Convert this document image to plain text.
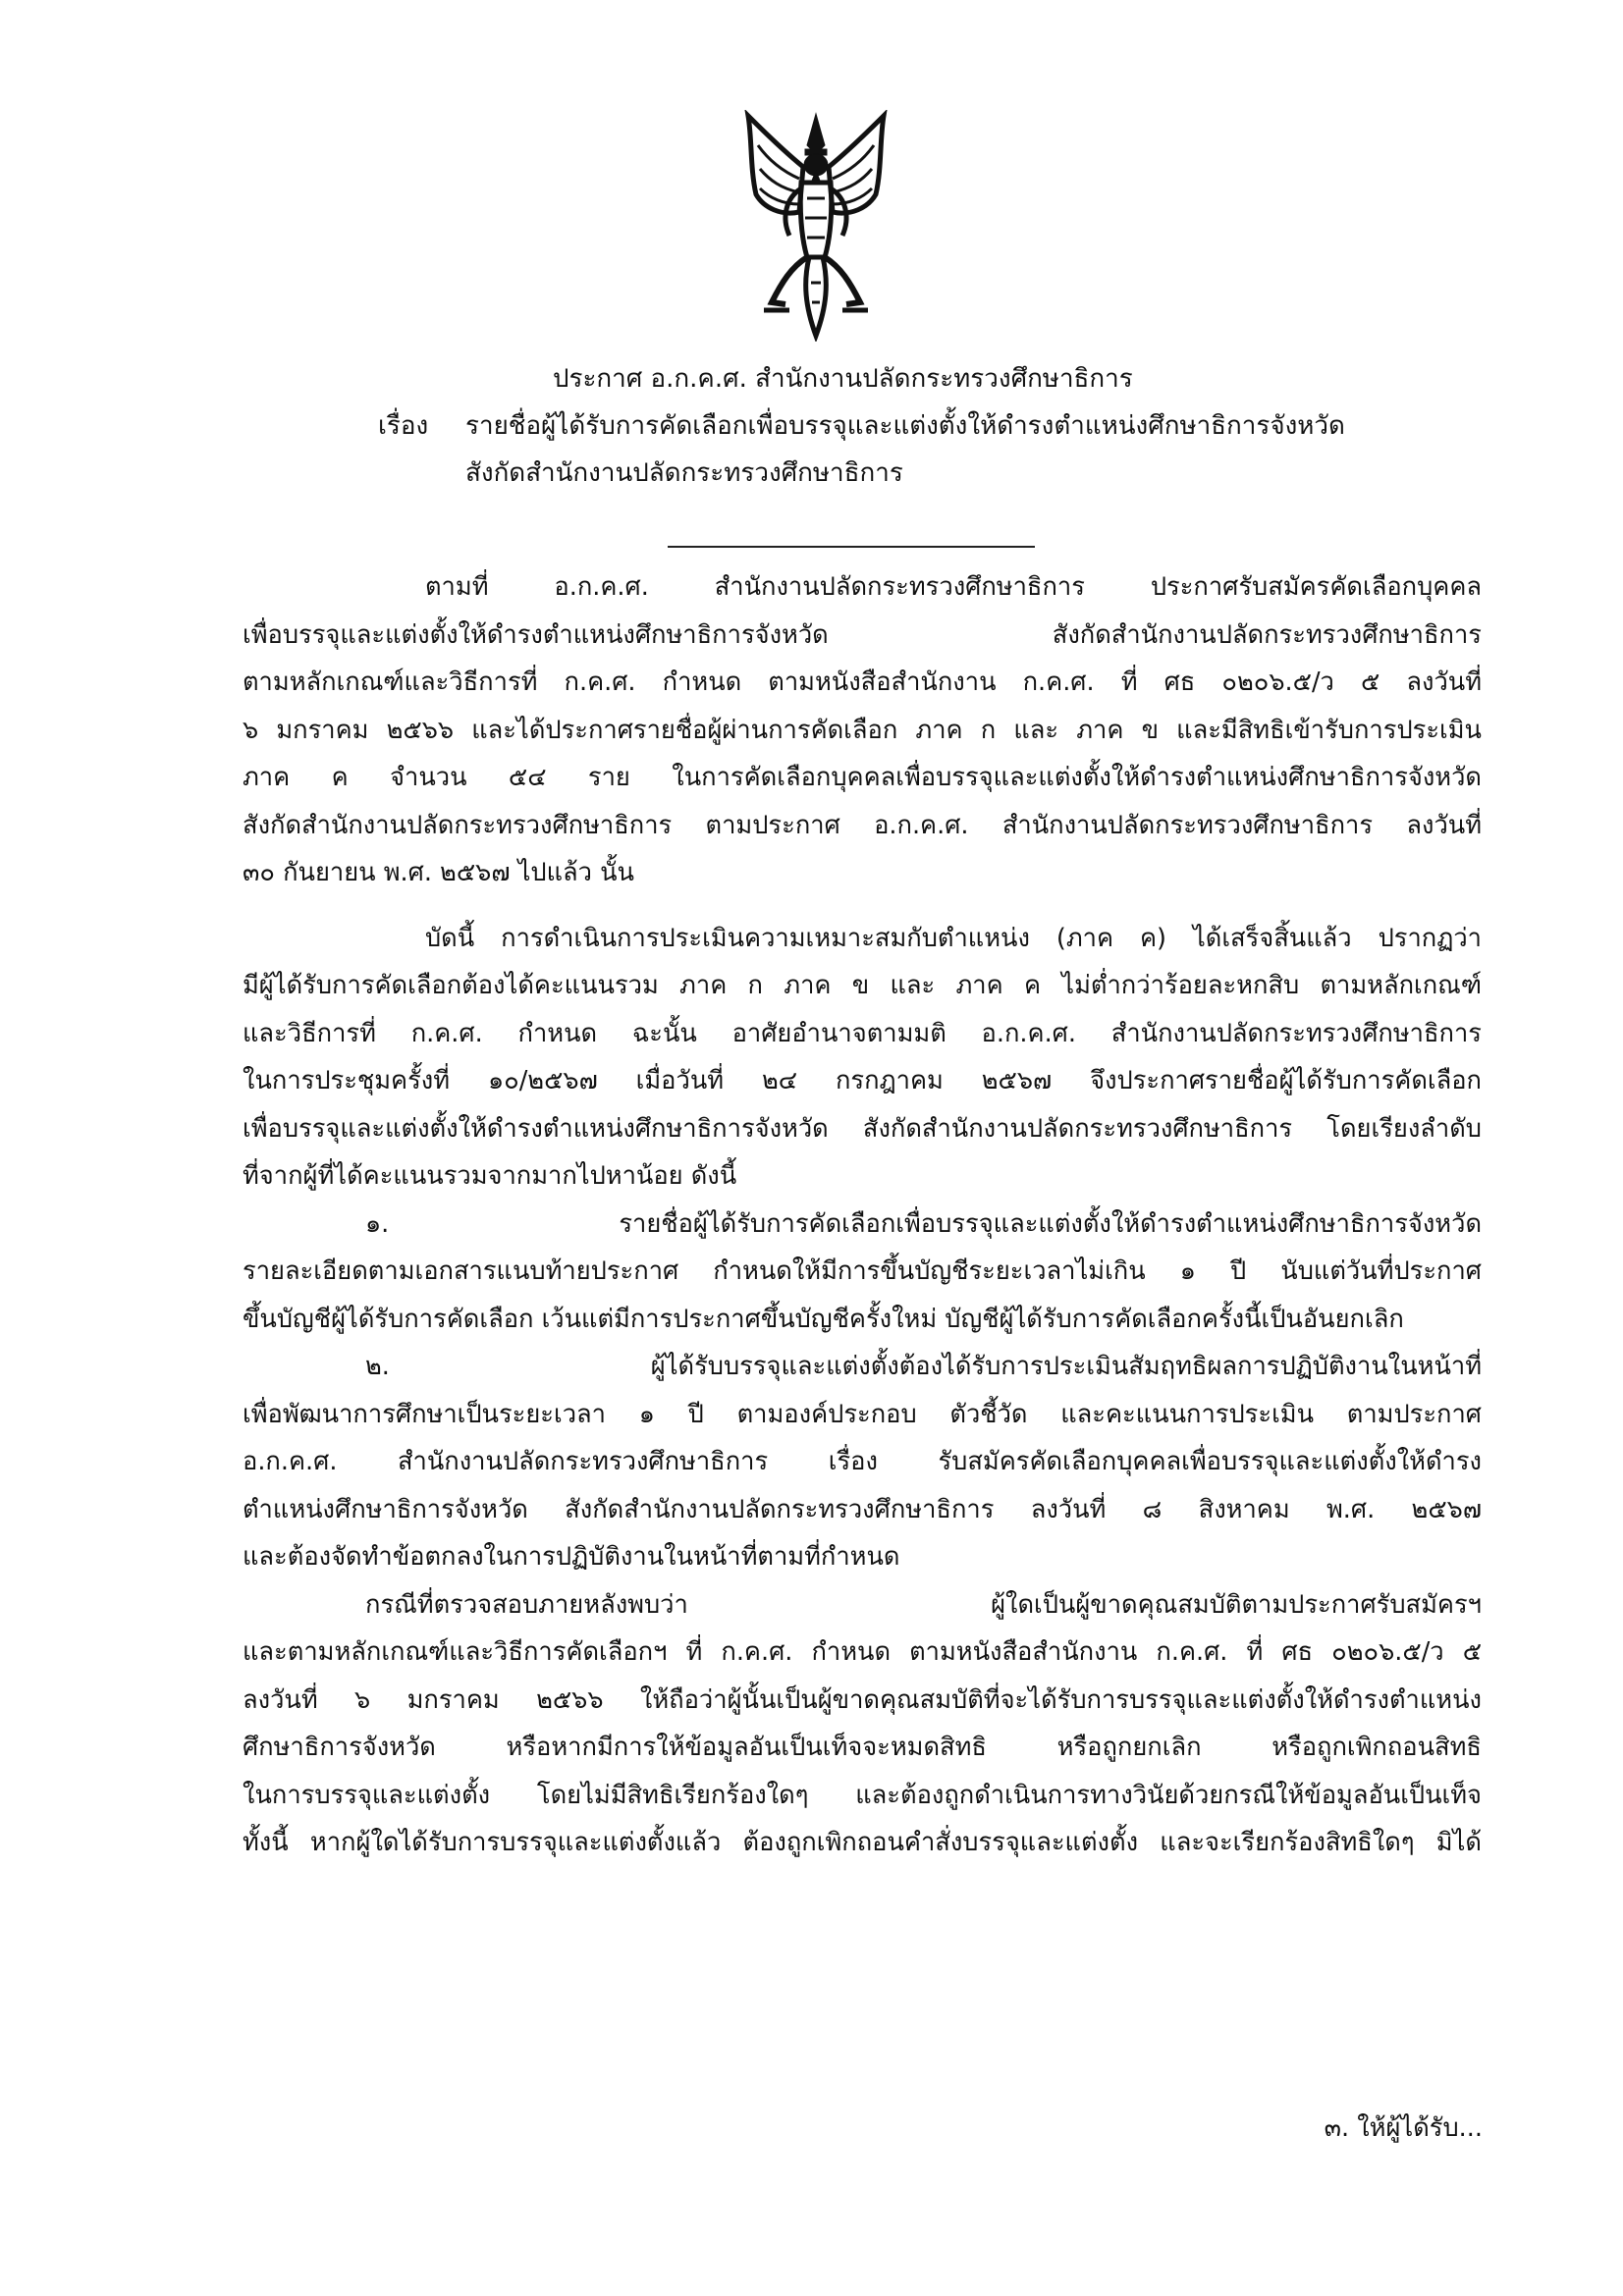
ประกาศ อ.ก.ค.ศ. สำนักงานปลัดกระทรวงศึกษาธิการ
เรื่อง	รายชื่อผู้ได้รับการคัดเลือกเพื่อบรรจุและแต่งตั้งให้ดำรงตำแหน่งศึกษาธิการจังหวัด
สังกัดสำนักงานปลัดกระทรวงศึกษาธิการ

ตามที่ อ.ก.ค.ศ. สำนักงานปลัดกระทรวงศึกษาธิการ ประกาศรับสมัครคัดเลือกบุคคล
เพื่อบรรจุและแต่งตั้งให้ดำรงตำแหน่งศึกษาธิการจังหวัด สังกัดสำนักงานปลัดกระทรวงศึกษาธิการ
ตามหลักเกณฑ์และวิธีการที่ ก.ค.ศ. กำหนด ตามหนังสือสำนักงาน ก.ค.ศ. ที่ ศธ ๐๒๐๖.๕/ว ๕ ลงวันที่
๖ มกราคม ๒๕๖๖ และได้ประกาศรายชื่อผู้ผ่านการคัดเลือก ภาค ก และ ภาค ข และมีสิทธิเข้ารับการประเมิน
ภาค ค จำนวน ๕๔ ราย ในการคัดเลือกบุคคลเพื่อบรรจุและแต่งตั้งให้ดำรงตำแหน่งศึกษาธิการจังหวัด
สังกัดสำนักงานปลัดกระทรวงศึกษาธิการ ตามประกาศ อ.ก.ค.ศ. สำนักงานปลัดกระทรวงศึกษาธิการ ลงวันที่
๓๐ กันยายน พ.ศ. ๒๕๖๗ ไปแล้ว นั้น

บัดนี้ การดำเนินการประเมินความเหมาะสมกับตำแหน่ง (ภาค ค) ได้เสร็จสิ้นแล้ว ปรากฏว่า
มีผู้ได้รับการคัดเลือกต้องได้คะแนนรวม ภาค ก ภาค ข และ ภาค ค ไม่ต่ำกว่าร้อยละหกสิบ ตามหลักเกณฑ์
และวิธีการที่ ก.ค.ศ. กำหนด ฉะนั้น อาศัยอำนาจตามมติ อ.ก.ค.ศ. สำนักงานปลัดกระทรวงศึกษาธิการ
ในการประชุมครั้งที่ ๑๐/๒๕๖๗ เมื่อวันที่ ๒๔ กรกฎาคม ๒๕๖๗ จึงประกาศรายชื่อผู้ได้รับการคัดเลือก
เพื่อบรรจุและแต่งตั้งให้ดำรงตำแหน่งศึกษาธิการจังหวัด สังกัดสำนักงานปลัดกระทรวงศึกษาธิการ โดยเรียงลำดับ
ที่จากผู้ที่ได้คะแนนรวมจากมากไปหาน้อย ดังนี้

๑. รายชื่อผู้ได้รับการคัดเลือกเพื่อบรรจุและแต่งตั้งให้ดำรงตำแหน่งศึกษาธิการจังหวัด
รายละเอียดตามเอกสารแนบท้ายประกาศ กำหนดให้มีการขึ้นบัญชีระยะเวลาไม่เกิน ๑ ปี นับแต่วันที่ประกาศ
ขึ้นบัญชีผู้ได้รับการคัดเลือก เว้นแต่มีการประกาศขึ้นบัญชีครั้งใหม่ บัญชีผู้ได้รับการคัดเลือกครั้งนี้เป็นอันยกเลิก

๒. ผู้ได้รับบรรจุและแต่งตั้งต้องได้รับการประเมินสัมฤทธิผลการปฏิบัติงานในหน้าที่
เพื่อพัฒนาการศึกษาเป็นระยะเวลา ๑ ปี ตามองค์ประกอบ ตัวชี้วัด และคะแนนการประเมิน ตามประกาศ
อ.ก.ค.ศ. สำนักงานปลัดกระทรวงศึกษาธิการ เรื่อง รับสมัครคัดเลือกบุคคลเพื่อบรรจุและแต่งตั้งให้ดำรง
ตำแหน่งศึกษาธิการจังหวัด สังกัดสำนักงานปลัดกระทรวงศึกษาธิการ ลงวันที่ ๘ สิงหาคม พ.ศ. ๒๕๖๗
และต้องจัดทำข้อตกลงในการปฏิบัติงานในหน้าที่ตามที่กำหนด

กรณีที่ตรวจสอบภายหลังพบว่า ผู้ใดเป็นผู้ขาดคุณสมบัติตามประกาศรับสมัครฯ
และตามหลักเกณฑ์และวิธีการคัดเลือกฯ ที่ ก.ค.ศ. กำหนด ตามหนังสือสำนักงาน ก.ค.ศ. ที่ ศธ ๐๒๐๖.๕/ว ๕
ลงวันที่ ๖ มกราคม ๒๕๖๖ ให้ถือว่าผู้นั้นเป็นผู้ขาดคุณสมบัติที่จะได้รับการบรรจุและแต่งตั้งให้ดำรงตำแหน่ง
ศึกษาธิการจังหวัด หรือหากมีการให้ข้อมูลอันเป็นเท็จจะหมดสิทธิ หรือถูกยกเลิก หรือถูกเพิกถอนสิทธิ
ในการบรรจุและแต่งตั้ง โดยไม่มีสิทธิเรียกร้องใดๆ และต้องถูกดำเนินการทางวินัยด้วยกรณีให้ข้อมูลอันเป็นเท็จ
ทั้งนี้ หากผู้ใดได้รับการบรรจุและแต่งตั้งแล้ว ต้องถูกเพิกถอนคำสั่งบรรจุและแต่งตั้ง และจะเรียกร้องสิทธิใดๆ มิได้

๓. ให้ผู้ได้รับ...
